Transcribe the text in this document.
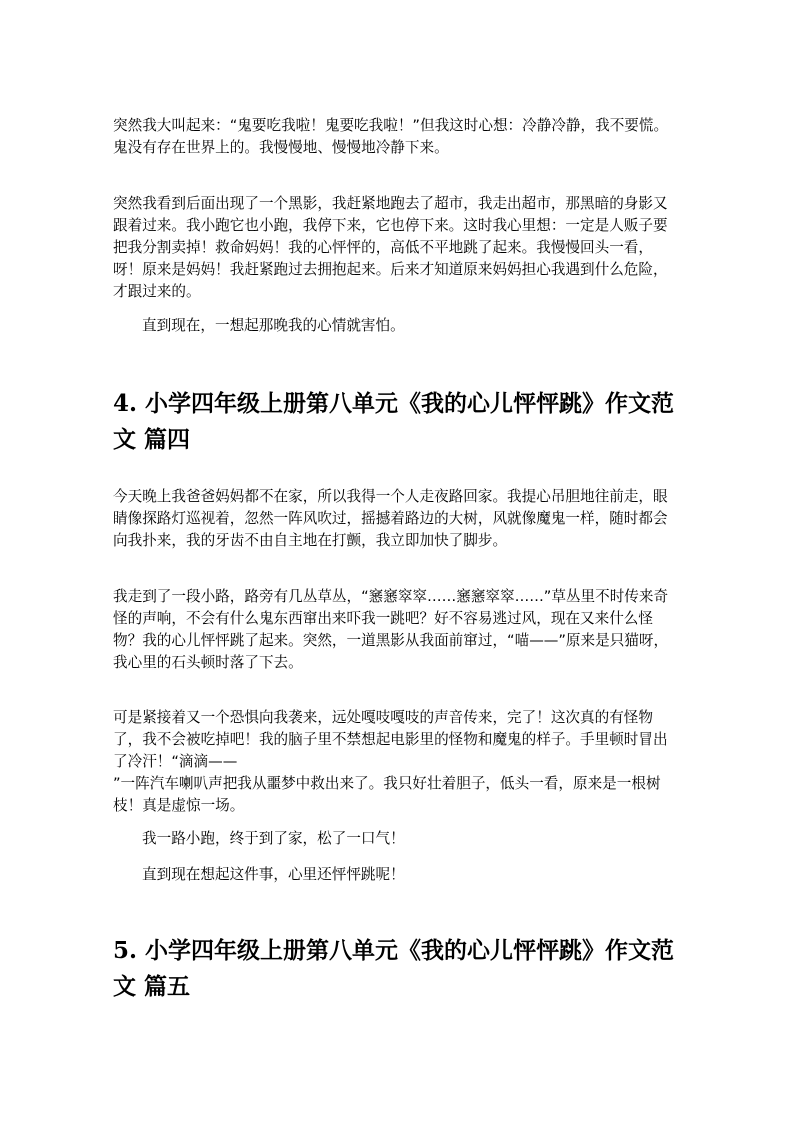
突然我大叫起来：“鬼要吃我啦！鬼要吃我啦！”但我这时心想：冷静冷静，我不要慌。鬼没有存在世界上的。我慢慢地、慢慢地冷静下来。

突然我看到后面出现了一个黑影，我赶紧地跑去了超市，我走出超市，那黑暗的身影又跟着过来。我小跑它也小跑，我停下来，它也停下来。这时我心里想：一定是人贩子要把我分割卖掉！救命妈妈！我的心怦怦的，高低不平地跳了起来。我慢慢回头一看，呀！原来是妈妈！我赶紧跑过去拥抱起来。后来才知道原来妈妈担心我遇到什么危险，才跟过来的。

直到现在，一想起那晚我的心情就害怕。

4. 小学四年级上册第八单元《我的心儿怦怦跳》作文范文 篇四

今天晚上我爸爸妈妈都不在家，所以我得一个人走夜路回家。我提心吊胆地往前走，眼睛像探路灯巡视着，忽然一阵风吹过，摇撼着路边的大树，风就像魔鬼一样，随时都会向我扑来，我的牙齿不由自主地在打颤，我立即加快了脚步。

我走到了一段小路，路旁有几丛草丛，“窸窸窣窣……窸窸窣窣……”草丛里不时传来奇怪的声响，不会有什么鬼东西窜出来吓我一跳吧？好不容易逃过风，现在又来什么怪物？我的心儿怦怦跳了起来。突然，一道黑影从我面前窜过，“喵——”原来是只猫呀，我心里的石头顿时落了下去。

可是紧接着又一个恐惧向我袭来，远处嘎吱嘎吱的声音传来，完了！这次真的有怪物了，我不会被吃掉吧！我的脑子里不禁想起电影里的怪物和魔鬼的样子。手里顿时冒出了冷汗！“滴滴——
”一阵汽车喇叭声把我从噩梦中救出来了。我只好壮着胆子，低头一看，原来是一根树枝！真是虚惊一场。

我一路小跑，终于到了家，松了一口气！

直到现在想起这件事，心里还怦怦跳呢！

5. 小学四年级上册第八单元《我的心儿怦怦跳》作文范文 篇五
